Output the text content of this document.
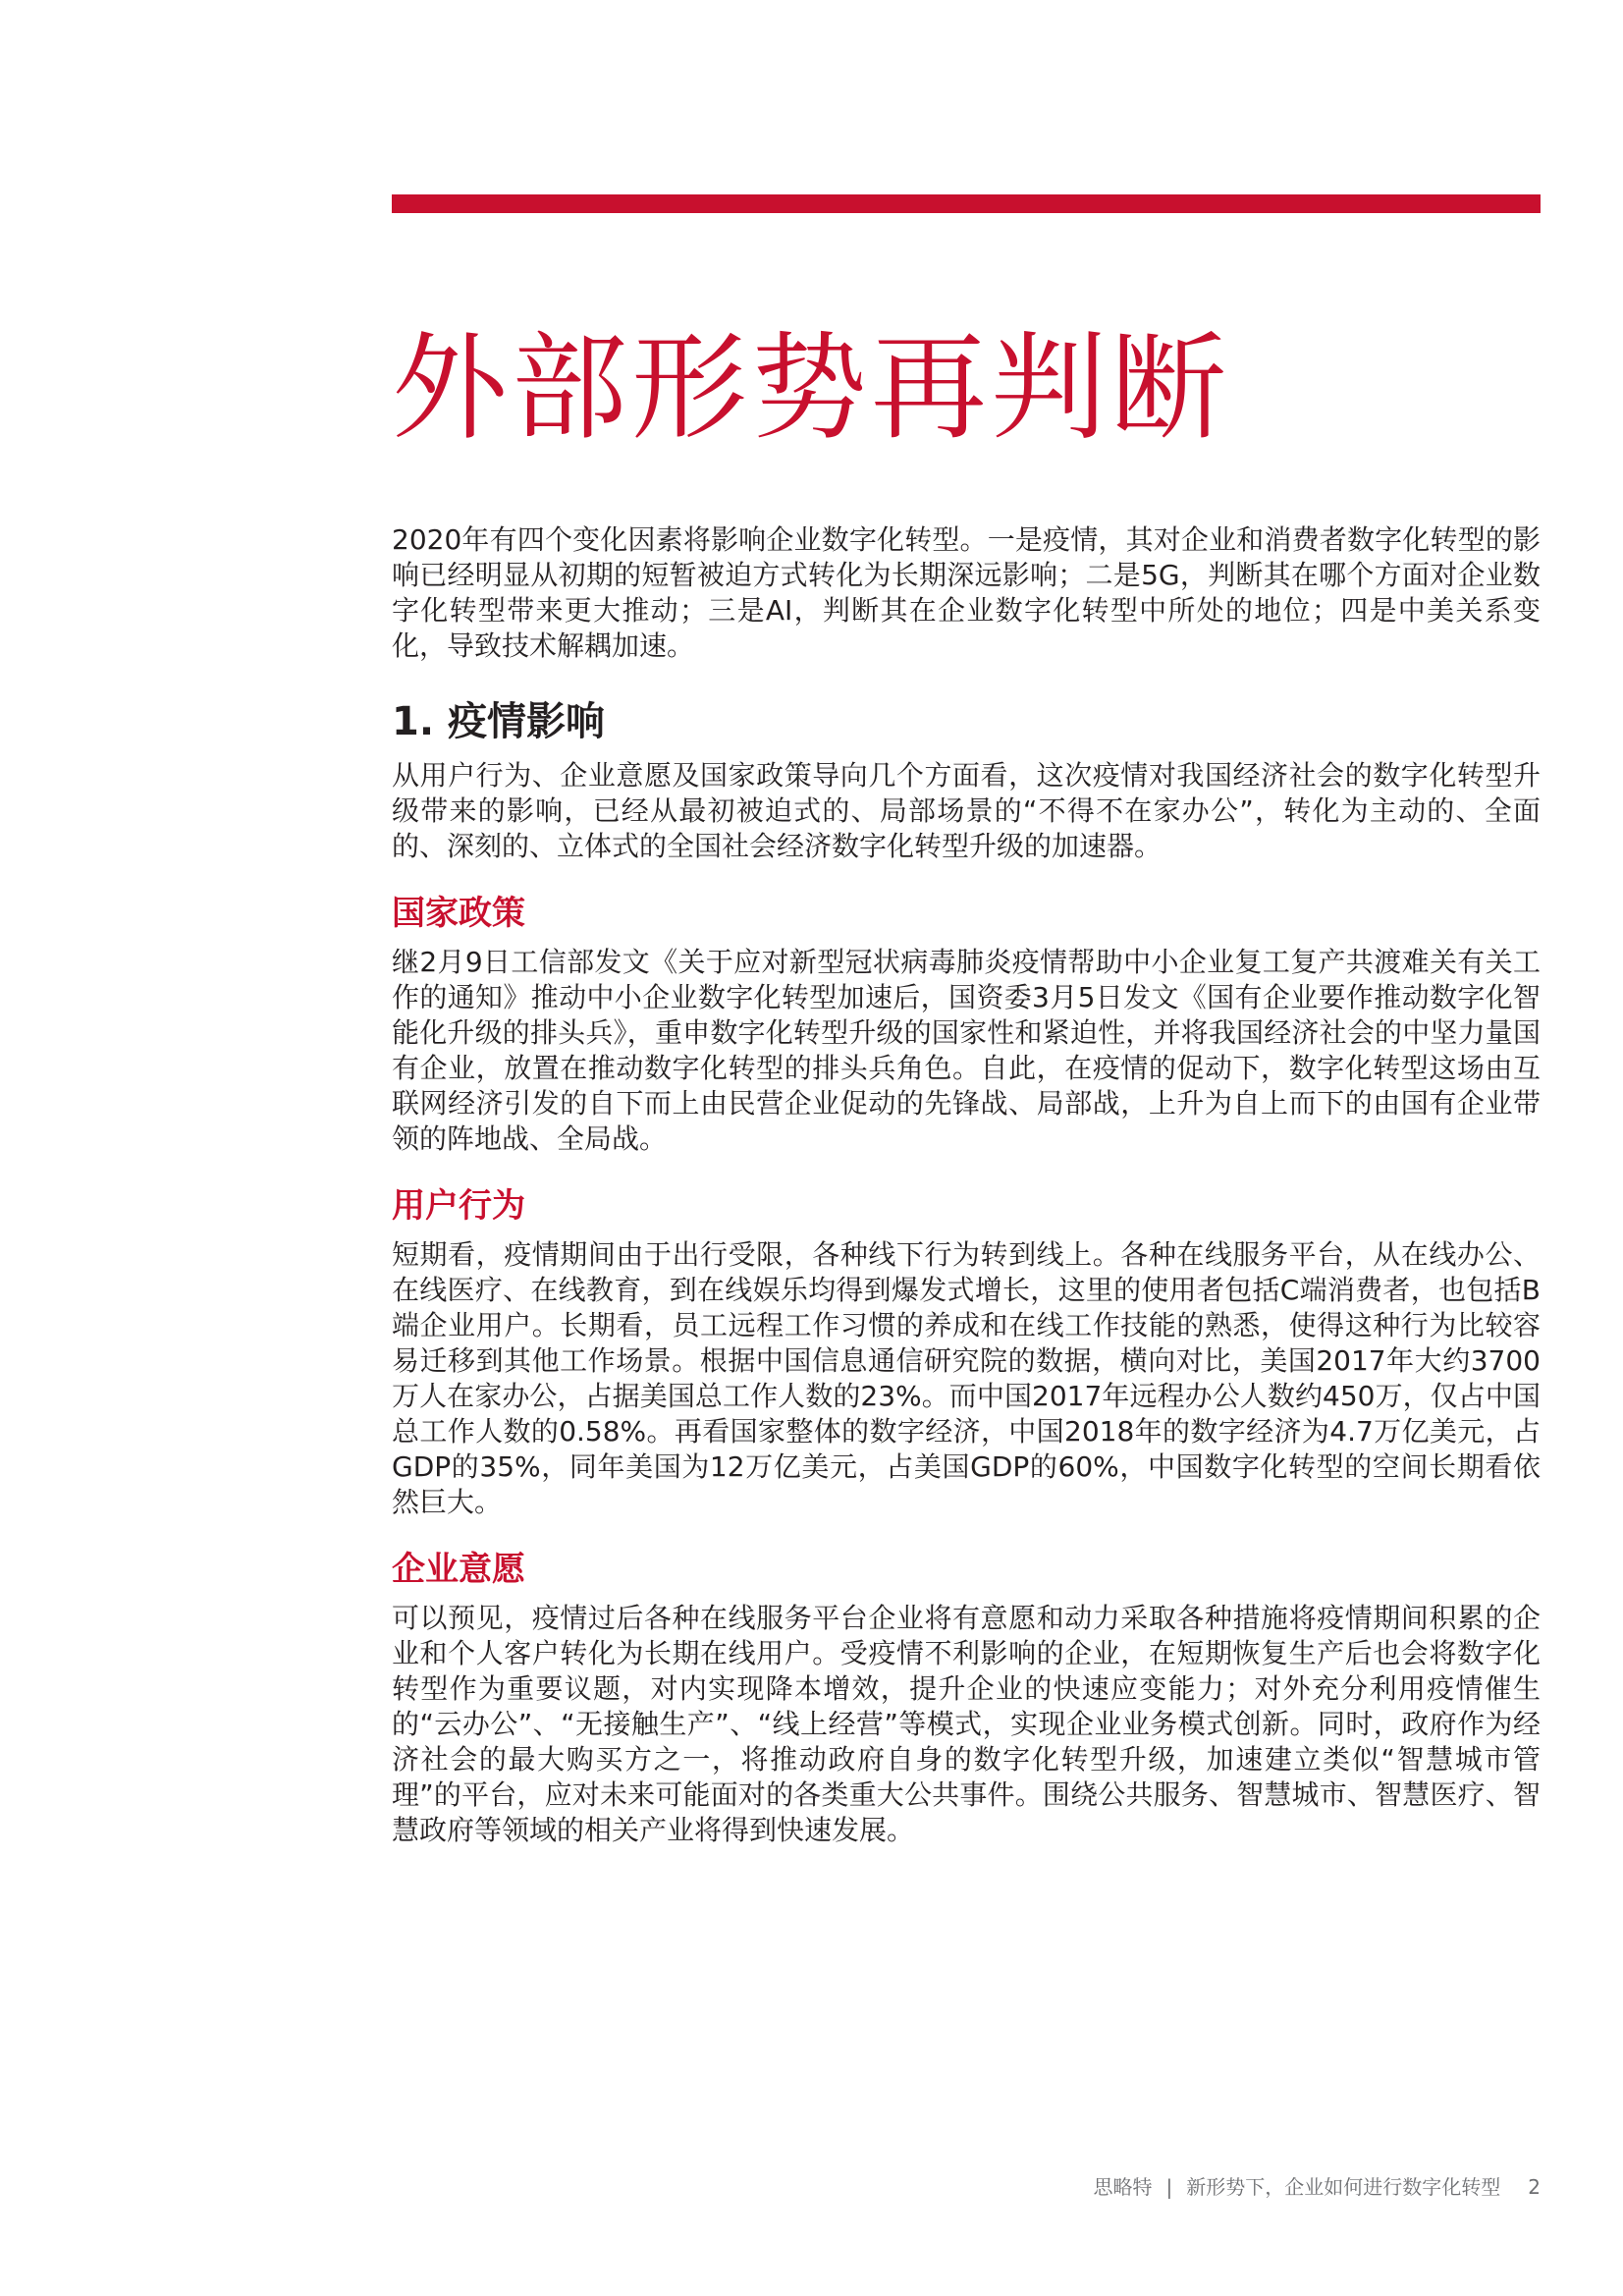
外部形势再判断

2020年有四个变化因素将影响企业数字化转型。一是疫情，其对企业和消费者数字化转型的影响已经明显从初期的短暂被迫方式转化为长期深远影响；二是5G，判断其在哪个方面对企业数字化转型带来更大推动；三是AI，判断其在企业数字化转型中所处的地位；四是中美关系变化，导致技术解耦加速。

1. 疫情影响

从用户行为、企业意愿及国家政策导向几个方面看，这次疫情对我国经济社会的数字化转型升级带来的影响，已经从最初被迫式的、局部场景的“不得不在家办公”，转化为主动的、全面的、深刻的、立体式的全国社会经济数字化转型升级的加速器。

国家政策

继2月9日工信部发文《关于应对新型冠状病毒肺炎疫情帮助中小企业复工复产共渡难关有关工作的通知》推动中小企业数字化转型加速后，国资委3月5日发文《国有企业要作推动数字化智能化升级的排头兵》，重申数字化转型升级的国家性和紧迫性，并将我国经济社会的中坚力量国有企业，放置在推动数字化转型的排头兵角色。自此，在疫情的促动下，数字化转型这场由互联网经济引发的自下而上由民营企业促动的先锋战、局部战，上升为自上而下的由国有企业带领的阵地战、全局战。

用户行为

短期看，疫情期间由于出行受限，各种线下行为转到线上。各种在线服务平台，从在线办公、在线医疗、在线教育，到在线娱乐均得到爆发式增长，这里的使用者包括C端消费者，也包括B端企业用户。长期看，员工远程工作习惯的养成和在线工作技能的熟悉，使得这种行为比较容易迁移到其他工作场景。根据中国信息通信研究院的数据，横向对比，美国2017年大约3700万人在家办公，占据美国总工作人数的23%。而中国2017年远程办公人数约450万，仅占中国总工作人数的0.58%。再看国家整体的数字经济，中国2018年的数字经济为4.7万亿美元，占GDP的35%，同年美国为12万亿美元，占美国GDP的60%，中国数字化转型的空间长期看依然巨大。

企业意愿

可以预见，疫情过后各种在线服务平台企业将有意愿和动力采取各种措施将疫情期间积累的企业和个人客户转化为长期在线用户。受疫情不利影响的企业，在短期恢复生产后也会将数字化转型作为重要议题，对内实现降本增效，提升企业的快速应变能力；对外充分利用疫情催生的“云办公”、“无接触生产”、“线上经营”等模式，实现企业业务模式创新。同时，政府作为经济社会的最大购买方之一，将推动政府自身的数字化转型升级，加速建立类似“智慧城市管理”的平台，应对未来可能面对的各类重大公共事件。围绕公共服务、智慧城市、智慧医疗、智慧政府等领域的相关产业将得到快速发展。

思略特 | 新形势下，企业如何进行数字化转型 2
